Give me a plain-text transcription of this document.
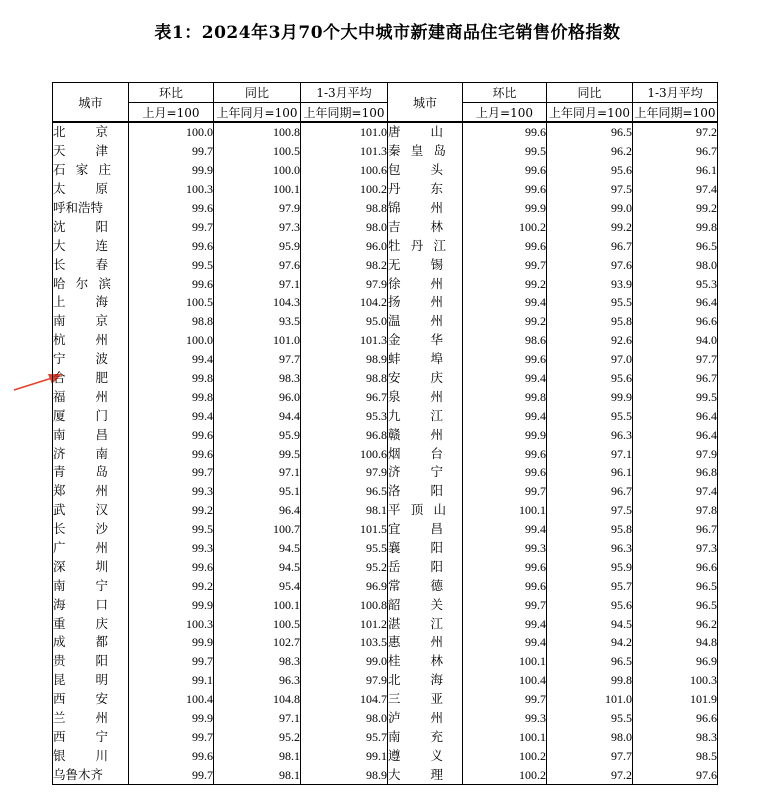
表1：2024年3月70个大中城市新建商品住宅销售价格指数
城市	环比	同比	1-3月平均	城市	环比	同比	1-3月平均
	上月=100	上年同月=100	上年同期=100		上月=100	上年同月=100	上年同期=100

北京	100.0	100.8	101.0	唐山	99.6	96.5	97.2

天津	99.7	100.5	101.3	秦皇岛	99.5	96.2	96.7

石家庄	99.9	100.0	100.6	包头	99.6	95.6	96.1

太原	100.3	100.1	100.2	丹东	99.6	97.5	97.4

呼和浩特	99.6	97.9	98.8	锦州	99.9	99.0	99.2

沈阳	99.7	97.3	98.0	吉林	100.2	99.2	99.8

大连	99.6	95.9	96.0	牡丹江	99.6	96.7	96.5

长春	99.5	97.6	98.2	无锡	99.7	97.6	98.0

哈尔滨	99.6	97.1	97.9	徐州	99.2	93.9	95.3

上海	100.5	104.3	104.2	扬州	99.4	95.5	96.4

南京	98.8	93.5	95.0	温州	99.2	95.8	96.6

杭州	100.0	101.0	101.3	金华	98.6	92.6	94.0

宁波	99.4	97.7	98.9	蚌埠	99.6	97.0	97.7

合肥	99.8	98.3	98.8	安庆	99.4	95.6	96.7

福州	99.8	96.0	96.7	泉州	99.8	99.9	99.5

厦门	99.4	94.4	95.3	九江	99.4	95.5	96.4

南昌	99.6	95.9	96.8	赣州	99.9	96.3	96.4

济南	99.6	99.5	100.6	烟台	99.6	97.1	97.9

青岛	99.7	97.1	97.9	济宁	99.6	96.1	96.8

郑州	99.3	95.1	96.5	洛阳	99.7	96.7	97.4

武汉	99.2	96.4	98.1	平顶山	100.1	97.5	97.8

长沙	99.5	100.7	101.5	宜昌	99.4	95.8	96.7

广州	99.3	94.5	95.5	襄阳	99.3	96.3	97.3

深圳	99.6	94.5	95.2	岳阳	99.6	95.9	96.6

南宁	99.2	95.4	96.9	常德	99.6	95.7	96.5

海口	99.9	100.1	100.8	韶关	99.7	95.6	96.5

重庆	100.3	100.5	101.2	湛江	99.4	94.5	96.2

成都	99.9	102.7	103.5	惠州	99.4	94.2	94.8

贵阳	99.7	98.3	99.0	桂林	100.1	96.5	96.9

昆明	99.1	96.3	97.9	北海	100.4	99.8	100.3

西安	100.4	104.8	104.7	三亚	99.7	101.0	101.9

兰州	99.9	97.1	98.0	泸州	99.3	95.5	96.6

西宁	99.7	95.2	95.7	南充	100.1	98.0	98.3

银川	99.6	98.1	99.1	遵义	100.2	97.7	98.5

乌鲁木齐	99.7	98.1	98.9	大理	100.2	97.2	97.6
